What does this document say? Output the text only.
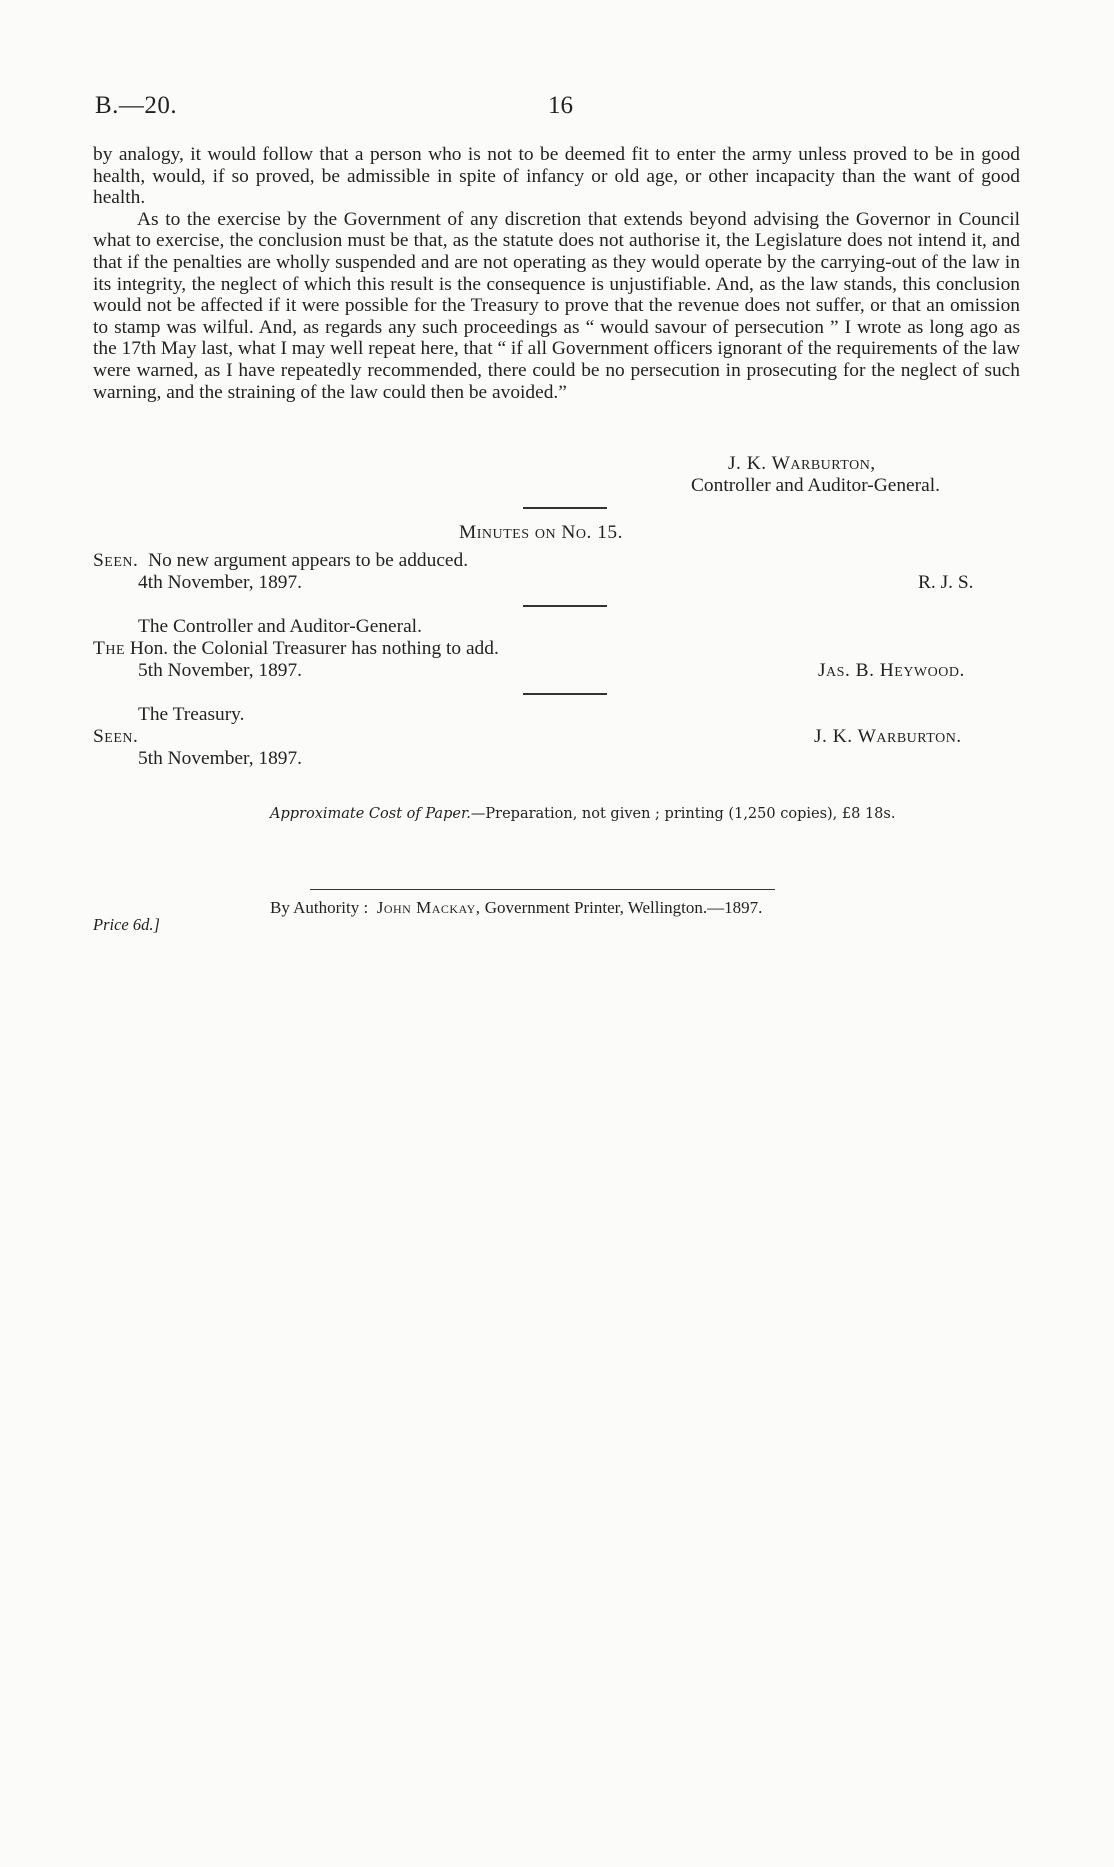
B.—20.	16

by analogy, it would follow that a person who is not to be deemed fit to enter the army unless proved to be in good health, would, if so proved, be admissible in spite of infancy or old age, or other incapacity than the want of good health.

As to the exercise by the Government of any discretion that extends beyond advising the Governor in Council what to exercise, the conclusion must be that, as the statute does not authorise it, the Legislature does not intend it, and that if the penalties are wholly suspended and are not operating as they would operate by the carrying-out of the law in its integrity, the neglect of which this result is the consequence is unjustifiable. And, as the law stands, this conclusion would not be affected if it were possible for the Treasury to prove that the revenue does not suffer, or that an omission to stamp was wilful. And, as regards any such proceedings as “ would savour of persecution ” I wrote as long ago as the 17th May last, what I may well repeat here, that “ if all Government officers ignorant of the requirements of the law were warned, as I have repeatedly recommended, there could be no persecution in prosecuting for the neglect of such warning, and the straining of the law could then be avoided.”

J. K. Warburton,
Controller and Auditor-General.
Minutes on No. 15.
Seen. No new argument appears to be adduced.
4th November, 1897.	R. J. S.
The Controller and Auditor-General.
The Hon. the Colonial Treasurer has nothing to add.
5th November, 1897.	Jas. B. Heywood.
The Treasury.
Seen.	J. K. Warburton.
5th November, 1897.
Approximate Cost of Paper.—Preparation, not given ; printing (1,250 copies), £8 18s.
By Authority : John Mackay, Government Printer, Wellington.—1897.
Price 6d.]
